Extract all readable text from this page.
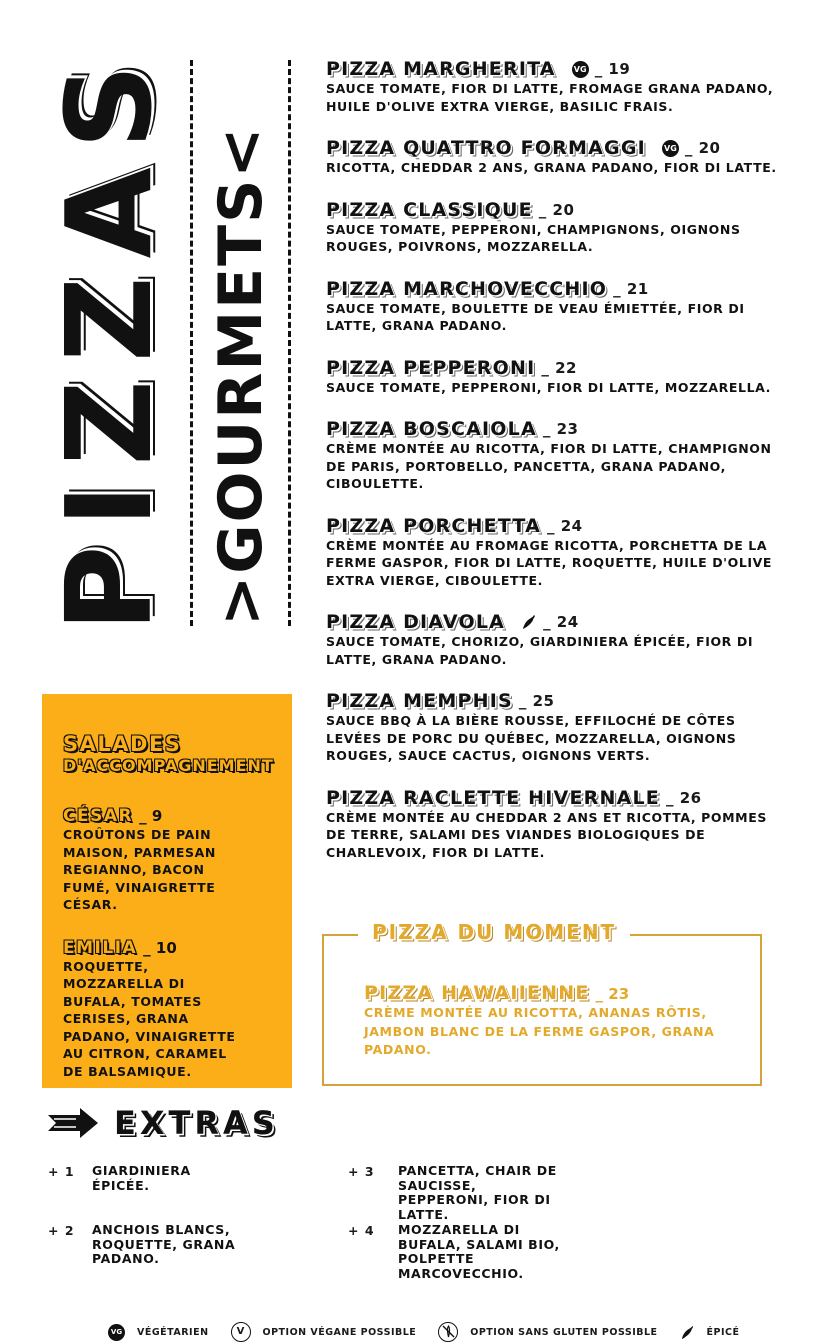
PIZZAS >GOURMETS<
PIZZA MARGHERITA VG _ 19
SAUCE TOMATE, FIOR DI LATTE, FROMAGE GRANA PADANO, HUILE D'OLIVE EXTRA VIERGE, BASILIC FRAIS.
PIZZA QUATTRO FORMAGGI VG _ 20
RICOTTA, CHEDDAR 2 ANS, GRANA PADANO, FIOR DI LATTE.
PIZZA CLASSIQUE _ 20
SAUCE TOMATE, PEPPERONI, CHAMPIGNONS, OIGNONS ROUGES, POIVRONS, MOZZARELLA.
PIZZA MARCHOVECCHIO _ 21
SAUCE TOMATE, BOULETTE DE VEAU ÉMIETTÉE, FIOR DI LATTE, GRANA PADANO.
PIZZA PEPPERONI _ 22
SAUCE TOMATE, PEPPERONI, FIOR DI LATTE, MOZZARELLA.
PIZZA BOSCAIOLA _ 23
CRÈME MONTÉE AU RICOTTA, FIOR DI LATTE, CHAMPIGNON DE PARIS, PORTOBELLO, PANCETTA, GRANA PADANO, CIBOULETTE.
PIZZA PORCHETTA _ 24
CRÈME MONTÉE AU FROMAGE RICOTTA, PORCHETTA DE LA FERME GASPOR, FIOR DI LATTE, ROQUETTE, HUILE D'OLIVE EXTRA VIERGE, CIBOULETTE.
PIZZA DIAVOLA	_ 24
SAUCE TOMATE, CHORIZO, GIARDINIERA ÉPICÉE, FIOR DI LATTE, GRANA PADANO.
PIZZA MEMPHIS _ 25
SAUCE BBQ À LA BIÈRE ROUSSE, EFFILOCHÉ DE CÔTES LEVÉES DE PORC DU QUÉBEC, MOZZARELLA, OIGNONS ROUGES, SAUCE CACTUS, OIGNONS VERTS.
PIZZA RACLETTE HIVERNALE _ 26
CRÈME MONTÉE AU CHEDDAR 2 ANS ET RICOTTA, POMMES DE TERRE, SALAMI DES VIANDES BIOLOGIQUES DE CHARLEVOIX, FIOR DI LATTE.
SALADES
D'ACCOMPAGNEMENT
CÉSAR _ 9
CROÛTONS DE PAIN MAISON, PARMESAN REGIANNO, BACON FUMÉ, VINAIGRETTE CÉSAR.
EMILIA _ 10
ROQUETTE, MOZZARELLA DI BUFALA, TOMATES CERISES, GRANA PADANO, VINAIGRETTE AU CITRON, CARAMEL DE BALSAMIQUE.
PIZZA DU MOMENT
PIZZA HAWAIIENNE _ 23
CRÈME MONTÉE AU RICOTTA, ANANAS RÔTIS, JAMBON BLANC DE LA FERME GASPOR, GRANA PADANO.
EXTRAS
+ 1	GIARDINIERA ÉPICÉE.
+ 2	ANCHOIS BLANCS, ROQUETTE, GRANA PADANO.
+ 3	PANCETTA, CHAIR DE SAUCISSE, PEPPERONI, FIOR DI LATTE.
+ 4	MOZZARELLA DI BUFALA, SALAMI BIO, POLPETTE MARCOVECCHIO.
VG	VÉGÉTARIEN	V	OPTION VÉGANE POSSIBLE	OPTION SANS GLUTEN POSSIBLE	ÉPICÉ
